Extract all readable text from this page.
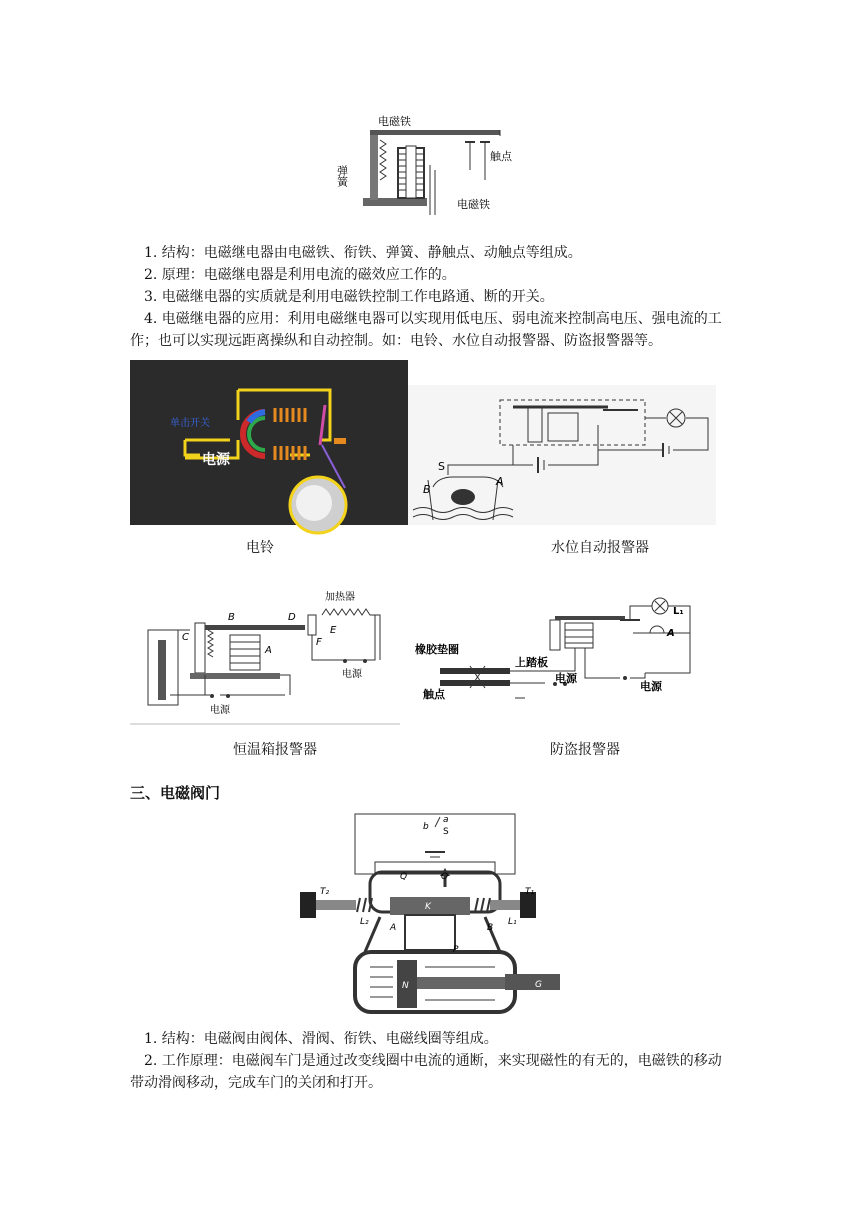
电磁铁
触点
电磁铁
弹簧
1. 结构：电磁继电器由电磁铁、衔铁、弹簧、静触点、动触点等组成。
2. 原理：电磁继电器是利用电流的磁效应工作的。
3. 电磁继电器的实质就是利用电磁铁控制工作电路通、断的开关。
4. 电磁继电器的应用：利用电磁继电器可以实现用低电压、弱电流来控制高电压、强电流的工作；也可以实现远距离操纵和自动控制。如：电铃、水位自动报警器、防盗报警器等。
单击开关
电源	S
A
B
电铃	水位自动报警器
加热器
B
C
D
E
F
A
电源
电源
橡胶垫圈
上踏板
触点
电源
电源
L₁
A
恒温箱报警器	防盗报警器
三、电磁阀门
b
a
S
Q	O
T₂	T₁
K
L₂	L₁
A	B
P
N	G
1. 结构：电磁阀由阀体、滑阀、衔铁、电磁线圈等组成。
2. 工作原理：电磁阀车门是通过改变线圈中电流的通断，来实现磁性的有无的，电磁铁的移动带动滑阀移动，完成车门的关闭和打开。
